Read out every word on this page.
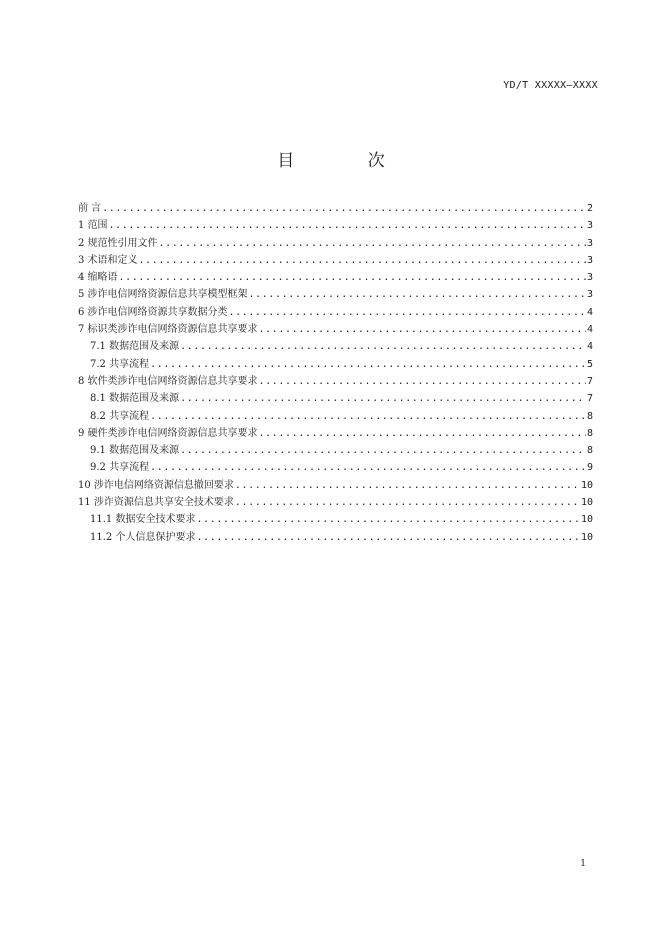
YD/T XXXXX—XXXX
目 次
前 言 .....	2
1 范围 .....	3
2 规范性引用文件 .....	3
3 术语和定义 .....	3
4 缩略语 .....	3
5 涉诈电信网络资源信息共享模型框架 .....	3
6 涉诈电信网络资源共享数据分类 .....	4
7 标识类涉诈电信网络资源信息共享要求 .....	4
7.1 数据范围及来源 .....	4
7.2 共享流程 .....	5
8 软件类涉诈电信网络资源信息共享要求 .....	7
8.1 数据范围及来源 .....	7
8.2 共享流程 .....	8
9 硬件类涉诈电信网络资源信息共享要求 .....	8
9.1 数据范围及来源 .....	8
9.2 共享流程 .....	9
10 涉诈电信网络资源信息撤回要求 .....	10
11 涉诈资源信息共享安全技术要求 .....	10
11.1 数据安全技术要求 .....	10
11.2 个人信息保护要求 .....	10
1
